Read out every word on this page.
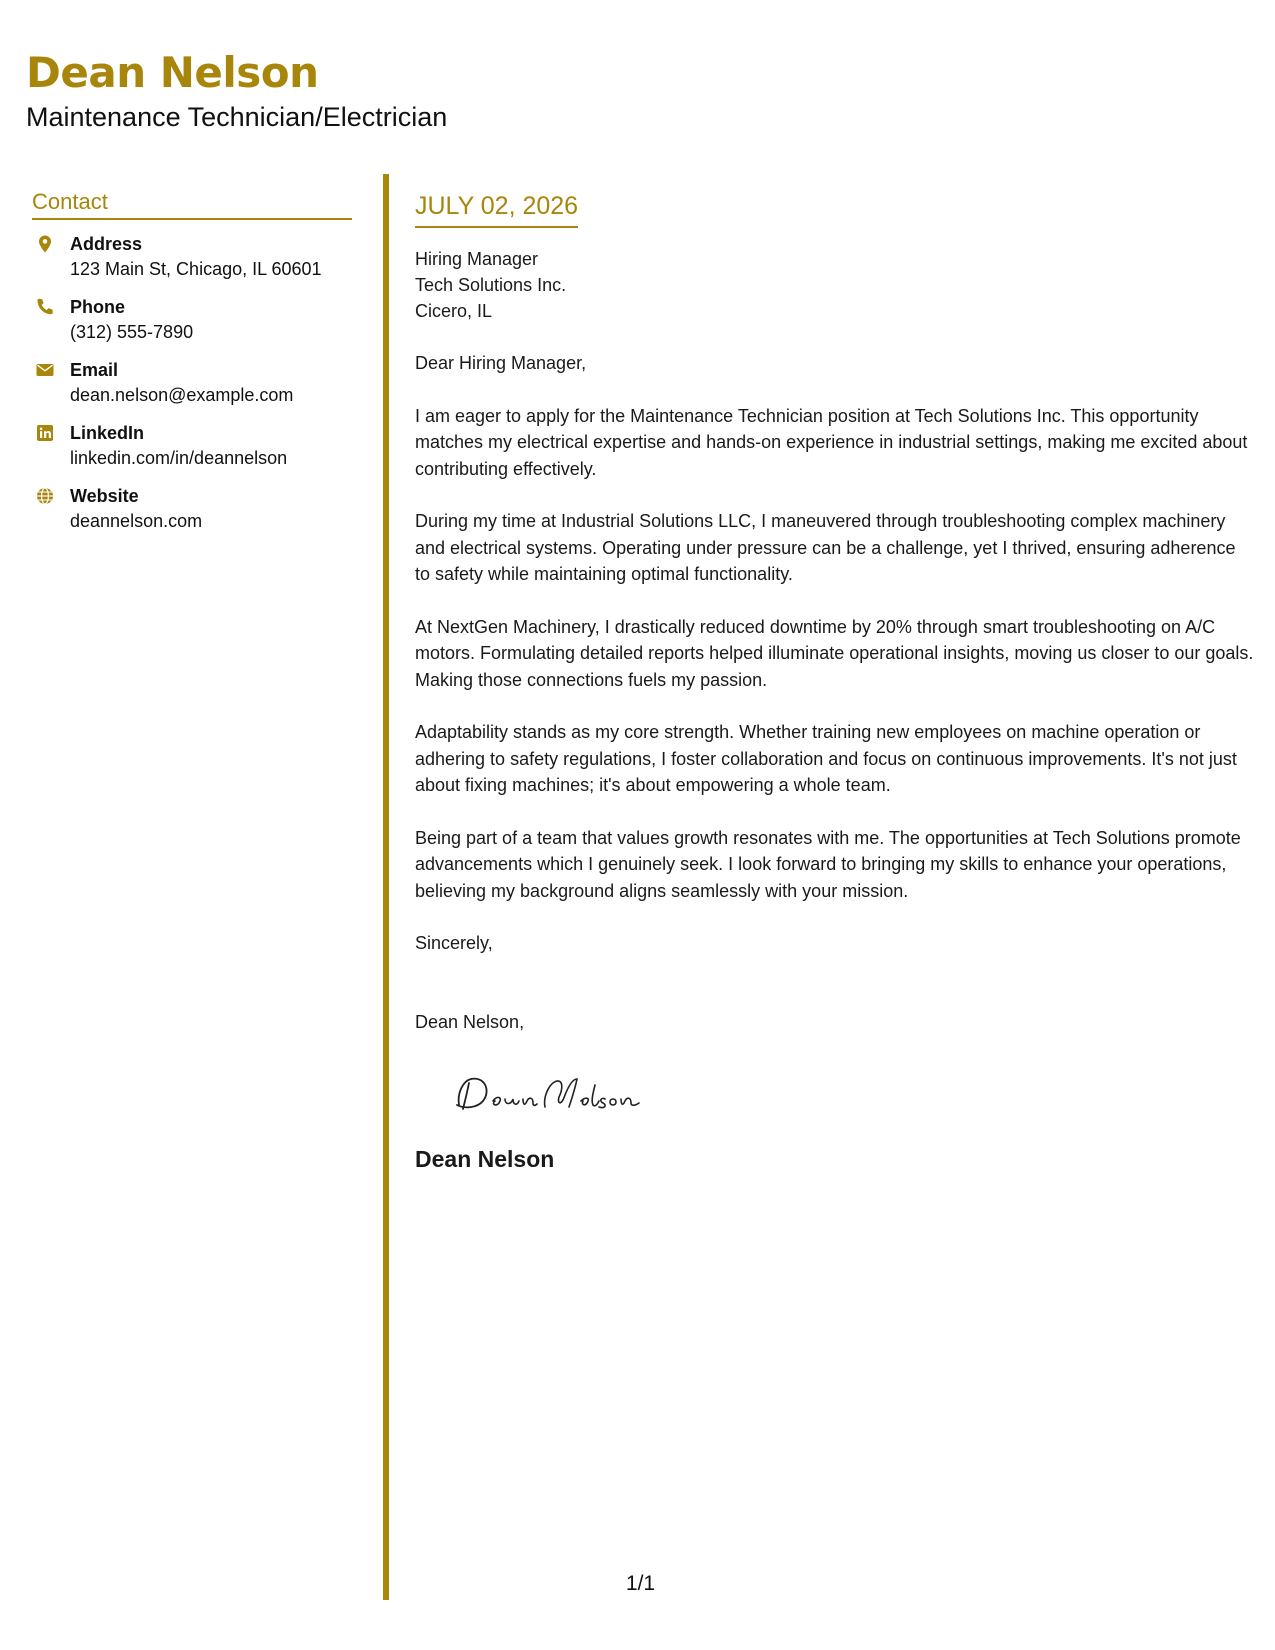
Dean Nelson
Maintenance Technician/Electrician
Contact
Address
123 Main St, Chicago, IL 60601
Phone
(312) 555-7890
Email
dean.nelson@example.com
LinkedIn
linkedin.com/in/deannelson
Website
deannelson.com
JULY 02, 2026
Hiring Manager
Tech Solutions Inc.
Cicero, IL

Dear Hiring Manager,

I am eager to apply for the Maintenance Technician position at Tech Solutions Inc. This opportunity matches my electrical expertise and hands-on experience in industrial settings, making me excited about contributing effectively.

During my time at Industrial Solutions LLC, I maneuvered through troubleshooting complex machinery and electrical systems. Operating under pressure can be a challenge, yet I thrived, ensuring adherence to safety while maintaining optimal functionality.

At NextGen Machinery, I drastically reduced downtime by 20% through smart troubleshooting on A/C motors. Formulating detailed reports helped illuminate operational insights, moving us closer to our goals. Making those connections fuels my passion.

Adaptability stands as my core strength. Whether training new employees on machine operation or adhering to safety regulations, I foster collaboration and focus on continuous improvements. It's not just about fixing machines; it's about empowering a whole team.

Being part of a team that values growth resonates with me. The opportunities at Tech Solutions promote advancements which I genuinely seek. I look forward to bringing my skills to enhance your operations, believing my background aligns seamlessly with your mission.

Sincerely,

Dean Nelson,
Dean Nelson
1/1
